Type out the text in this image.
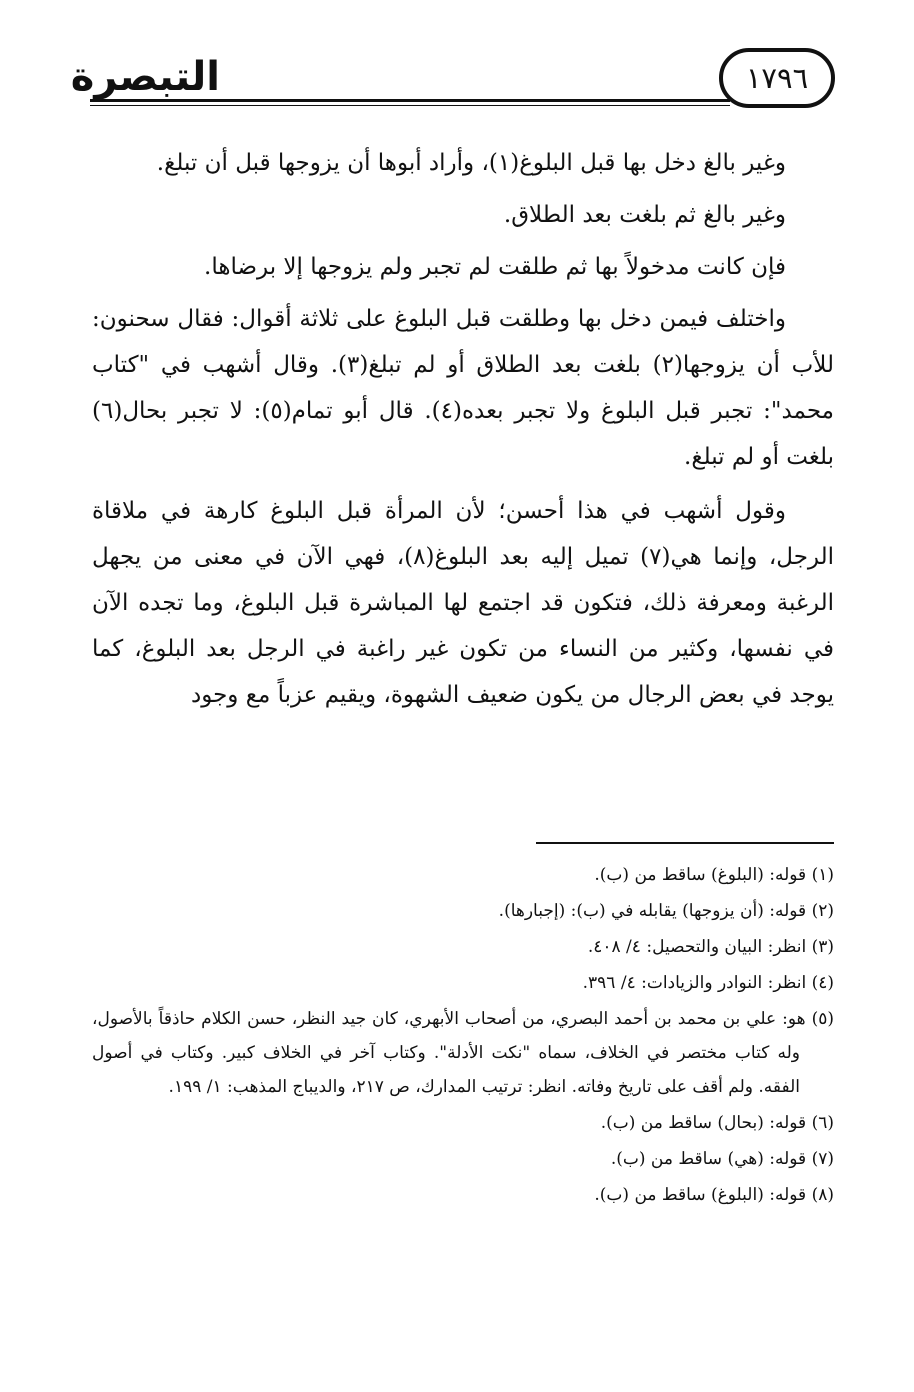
التبصرة	١٧٩٦

وغير بالغ دخل بها قبل البلوغ(١)، وأراد أبوها أن يزوجها قبل أن تبلغ.

وغير بالغ ثم بلغت بعد الطلاق.

فإن كانت مدخولاً بها ثم طلقت لم تجبر ولم يزوجها إلا برضاها.

واختلف فيمن دخل بها وطلقت قبل البلوغ على ثلاثة أقوال: فقال سحنون: للأب أن يزوجها(٢) بلغت بعد الطلاق أو لم تبلغ(٣). وقال أشهب في "كتاب محمد": تجبر قبل البلوغ ولا تجبر بعده(٤). قال أبو تمام(٥): لا تجبر بحال(٦) بلغت أو لم تبلغ.

وقول أشهب في هذا أحسن؛ لأن المرأة قبل البلوغ كارهة في ملاقاة الرجل، وإنما هي(٧) تميل إليه بعد البلوغ(٨)، فهي الآن في معنى من يجهل الرغبة ومعرفة ذلك، فتكون قد اجتمع لها المباشرة قبل البلوغ، وما تجده الآن في نفسها، وكثير من النساء من تكون غير راغبة في الرجل بعد البلوغ، كما يوجد في بعض الرجال من يكون ضعيف الشهوة، ويقيم عزباً مع وجود

(١) قوله: (البلوغ) ساقط من (ب).
(٢) قوله: (أن يزوجها) يقابله في (ب): (إجبارها).
(٣) انظر: البيان والتحصيل: ٤/ ٤٠٨.
(٤) انظر: النوادر والزيادات: ٤/ ٣٩٦.
(٥) هو: علي بن محمد بن أحمد البصري، من أصحاب الأبهري، كان جيد النظر، حسن الكلام حاذقاً بالأصول، وله كتاب مختصر في الخلاف، سماه "نكت الأدلة". وكتاب آخر في الخلاف كبير. وكتاب في أصول الفقه. ولم أقف على تاريخ وفاته. انظر: ترتيب المدارك، ص ٢١٧، والديباج المذهب: ١/ ١٩٩.
(٦) قوله: (بحال) ساقط من (ب).
(٧) قوله: (هي) ساقط من (ب).
(٨) قوله: (البلوغ) ساقط من (ب).
